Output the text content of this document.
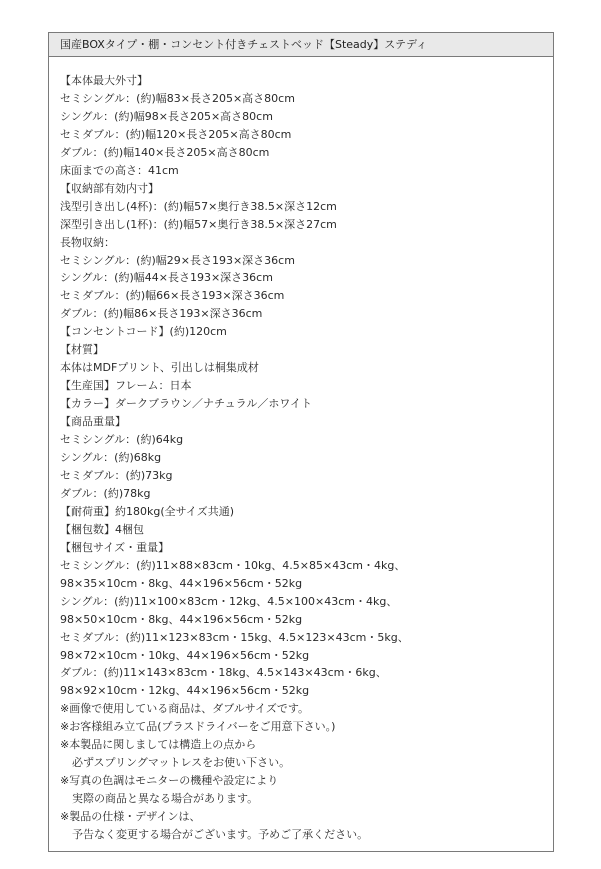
国産BOXタイプ・棚・コンセント付きチェストベッド【Steady】ステディ
【本体最大外寸】
セミシングル：(約)幅83×長さ205×高さ80cm
シングル：(約)幅98×長さ205×高さ80cm
セミダブル：(約)幅120×長さ205×高さ80cm
ダブル：(約)幅140×長さ205×高さ80cm
床面までの高さ：41cm
【収納部有効内寸】
浅型引き出し(4杯)：(約)幅57×奥行き38.5×深さ12cm
深型引き出し(1杯)：(約)幅57×奥行き38.5×深さ27cm
長物収納：
セミシングル：(約)幅29×長さ193×深さ36cm
シングル：(約)幅44×長さ193×深さ36cm
セミダブル：(約)幅66×長さ193×深さ36cm
ダブル：(約)幅86×長さ193×深さ36cm
【コンセントコード】(約)120cm
【材質】
本体はMDFプリント、引出しは桐集成材
【生産国】フレーム：日本
【カラー】ダークブラウン／ナチュラル／ホワイト
【商品重量】
セミシングル：(約)64kg
シングル：(約)68kg
セミダブル：(約)73kg
ダブル：(約)78kg
【耐荷重】約180kg(全サイズ共通)
【梱包数】4梱包
【梱包サイズ・重量】
セミシングル：(約)11×88×83cm・10kg、4.5×85×43cm・4kg、
98×35×10cm・8kg、44×196×56cm・52kg
シングル：(約)11×100×83cm・12kg、4.5×100×43cm・4kg、
98×50×10cm・8kg、44×196×56cm・52kg
セミダブル：(約)11×123×83cm・15kg、4.5×123×43cm・5kg、
98×72×10cm・10kg、44×196×56cm・52kg
ダブル：(約)11×143×83cm・18kg、4.5×143×43cm・6kg、
98×92×10cm・12kg、44×196×56cm・52kg
※画像で使用している商品は、ダブルサイズです。
※お客様組み立て品(プラスドライバーをご用意下さい。)
※本製品に関しましては構造上の点から
必ずスプリングマットレスをお使い下さい。
※写真の色調はモニターの機種や設定により
実際の商品と異なる場合があります。
※製品の仕様・デザインは、
予告なく変更する場合がございます。予めご了承ください。
